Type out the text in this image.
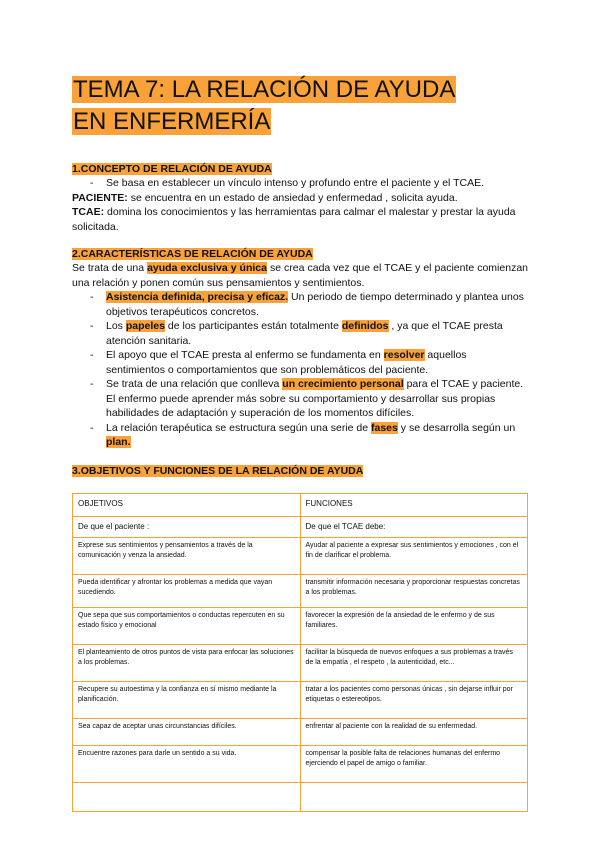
TEMA 7: LA RELACIÓN DE AYUDA
EN ENFERMERÍA
1.CONCEPTO DE RELACIÓN DE AYUDA
- Se basa en establecer un vínculo intenso y profundo entre el paciente y el TCAE.

PACIENTE: se encuentra en un estado de ansiedad y enfermedad , solicita ayuda.

TCAE: domina los conocimientos y las herramientas para calmar el malestar y prestar la ayuda solicitada.

2.CARACTERÍSTICAS DE RELACIÓN DE AYUDA

Se trata de una ayuda exclusiva y única se crea cada vez que el TCAE y el paciente comienzan una relación y ponen común sus pensamientos y sentimientos.

- Asistencia definida, precisa y eficaz. Un periodo de tiempo determinado y plantea unos objetivos terapéuticos concretos.
- Los papeles de los participantes están totalmente definidos , ya que el TCAE presta atención sanitaria.
- El apoyo que el TCAE presta al enfermo se fundamenta en resolver aquellos sentimientos o comportamientos que son problemáticos del paciente.
- Se trata de una relación que conlleva un crecimiento personal para el TCAE y paciente. El enfermo puede aprender más sobre su comportamiento y desarrollar sus propias habilidades de adaptación y superación de los momentos difíciles.
- La relación terapéutica se estructura según una serie de fases y se desarrolla según un plan.
3.OBJETIVOS Y FUNCIONES DE LA RELACIÓN DE AYUDA
OBJETIVOS	FUNCIONES
De que el paciente :	De que el TCAE debe:
Exprese sus sentimientos y pensamientos a través de la comunicación y venza la ansiedad.	Ayudar al paciente a expresar sus sentimientos y emociones , con el fin de clarificar el problema.
Pueda identificar y afrontar los problemas a medida que vayan sucediendo.	transmitir información necesaria y proporcionar respuestas concretas a los problemas.
Que sepa que sus comportamientos o conductas repercuten en su estado físico y emocional	favorecer la expresión de la ansiedad de le enfermo y de sus familiares.
El planteamiento de otros puntos de vista para enfocar las soluciones a los problemas.	facilitar la búsqueda de nuevos enfoques a sus problemas a través de la empatía , el respeto , la autenticidad, etc...
Recupere su autoestima y la confianza en sí mismo mediante la planificación.	tratar a los pacientes como personas únicas , sin dejarse influir por etiquetas o estereotipos.
Sea capaz de aceptar unas circunstancias difíciles.	enfrentar al paciente con la realidad de su enfermedad.
Encuentre razones para darle un sentido a su vida.	compensar la posible falta de relaciones humanas del enfermo ejerciendo el papel de amigo o familiar.
